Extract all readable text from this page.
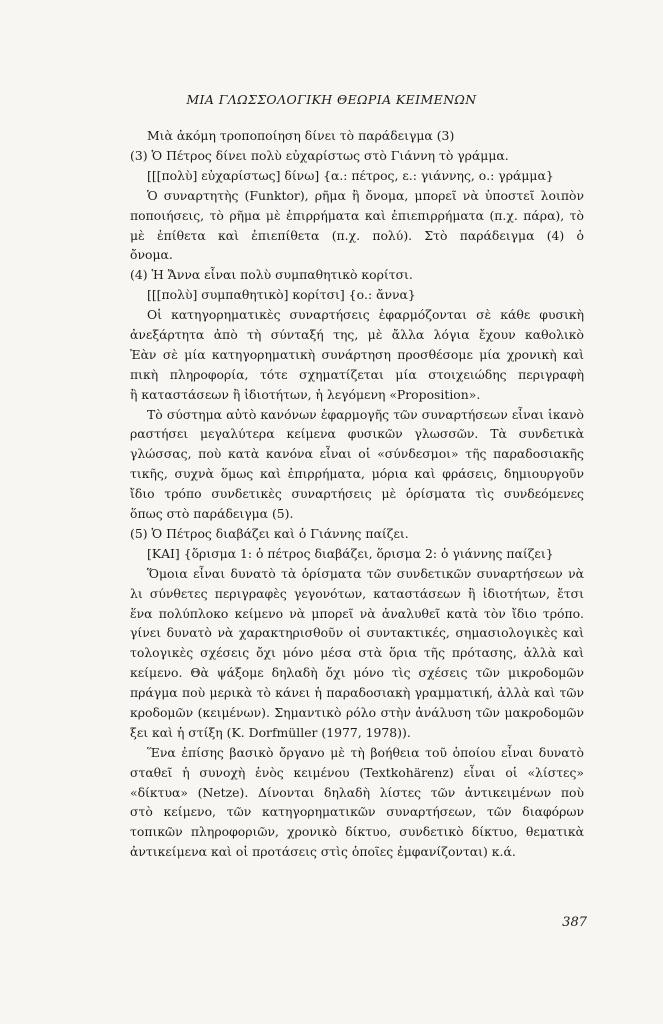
ΜΙΑ ΓΛΩΣΣΟΛΟΓΙΚΗ ΘΕΩΡΙΑ ΚΕΙΜΕΝΩΝ
Μιὰ ἀκόμη τροποποίηση δίνει τὸ παράδειγμα (3)
(3) Ὁ Πέτρος δίνει πολὺ εὐχαρίστως στὸ Γιάννη τὸ γράμμα.
[[[πολὺ] εὐχαρίστως] δίνω] {α.: πέτρος, ε.: γιάννης, ο.: γράμμα}
Ὁ συναρτητὴς (Funktor), ρῆμα ἢ ὄνομα, μπορεῖ νὰ ὑποστεῖ λοιπὸν
ποποιήσεις, τὸ ρῆμα μὲ ἐπιρρήματα καὶ ἐπιεπιρρήματα (π.χ. πάρα), τὸ
μὲ ἐπίθετα καὶ ἐπιεπίθετα (π.χ. πολύ). Στὸ παράδειγμα (4) ὁ
ὄνομα.
(4) Ἡ Ἄννα εἶναι πολὺ συμπαθητικὸ κορίτσι.
[[[πολὺ] συμπαθητικὸ] κορίτσι] {ο.: ἄννα}
Οἱ κατηγορηματικὲς συναρτήσεις ἐφαρμόζονται σὲ κάθε φυσικὴ
ἀνεξάρτητα ἀπὸ τὴ σύνταξή της, μὲ ἄλλα λόγια ἔχουν καθολικὸ
Ἐὰν σὲ μία κατηγορηματικὴ συνάρτηση προσθέσομε μία χρονικὴ καὶ
πικὴ πληροφορία, τότε σχηματίζεται μία στοιχειώδης περιγραφὴ
ἢ καταστάσεων ἢ ἰδιοτήτων, ἡ λεγόμενη «Proposition».
Τὸ σύστημα αὐτὸ κανόνων ἐφαρμογῆς τῶν συναρτήσεων εἶναι ἱκανὸ
ραστήσει μεγαλύτερα κείμενα φυσικῶν γλωσσῶν. Τὰ συνδετικὰ
γλώσσας, ποὺ κατὰ κανόνα εἶναι οἱ «σύνδεσμοι» τῆς παραδοσιακῆς
τικῆς, συχνὰ ὅμως καὶ ἐπιρρήματα, μόρια καὶ φράσεις, δημιουργοῦν
ἴδιο τρόπο συνδετικὲς συναρτήσεις μὲ ὁρίσματα τὶς συνδεόμενες
ὅπως στὸ παράδειγμα (5).
(5) Ὁ Πέτρος διαβάζει καὶ ὁ Γιάννης παίζει.
[ΚΑΙ] {ὅρισμα 1: ὁ πέτρος διαβάζει, ὅρισμα 2: ὁ γιάννης παίζει}
Ὅμοια εἶναι δυνατὸ τὰ ὁρίσματα τῶν συνδετικῶν συναρτήσεων νὰ
λι σύνθετες περιγραφὲς γεγονότων, καταστάσεων ἢ ἰδιοτήτων, ἔτσι
ἕνα πολύπλοκο κείμενο νὰ μπορεῖ νὰ ἀναλυθεῖ κατὰ τὸν ἴδιο τρόπο.
γίνει δυνατὸ νὰ χαρακτηρισθοῦν οἱ συντακτικές, σημασιολογικὲς καὶ
τολογικὲς σχέσεις ὄχι μόνο μέσα στὰ ὅρια τῆς πρότασης, ἀλλὰ καὶ
κείμενο. Θὰ ψάξομε δηλαδὴ ὄχι μόνο τὶς σχέσεις τῶν μικροδομῶν
πράγμα ποὺ μερικὰ τὸ κάνει ἡ παραδοσιακὴ γραμματική, ἀλλὰ καὶ τῶν
κροδομῶν (κειμένων). Σημαντικὸ ρόλο στὴν ἀνάλυση τῶν μακροδομῶν
ξει καὶ ἡ στίξη (K. Dorfmüller (1977, 1978)).
Ἕνα ἐπίσης βασικὸ ὄργανο μὲ τὴ βοήθεια τοῦ ὁποίου εἶναι δυνατὸ
σταθεῖ ἡ συνοχὴ ἑνὸς κειμένου (Textkohärenz) εἶναι οἱ «λίστες»
«δίκτυα» (Netze). Δίνονται δηλαδὴ λίστες τῶν ἀντικειμένων ποὺ
στὸ κείμενο, τῶν κατηγορηματικῶν συναρτήσεων, τῶν διαφόρων
τοπικῶν πληροφοριῶν, χρονικὸ δίκτυο, συνδετικὸ δίκτυο, θεματικὰ
ἀντικείμενα καὶ οἱ προτάσεις στὶς ὁποῖες ἐμφανίζονται) κ.ά.
387
